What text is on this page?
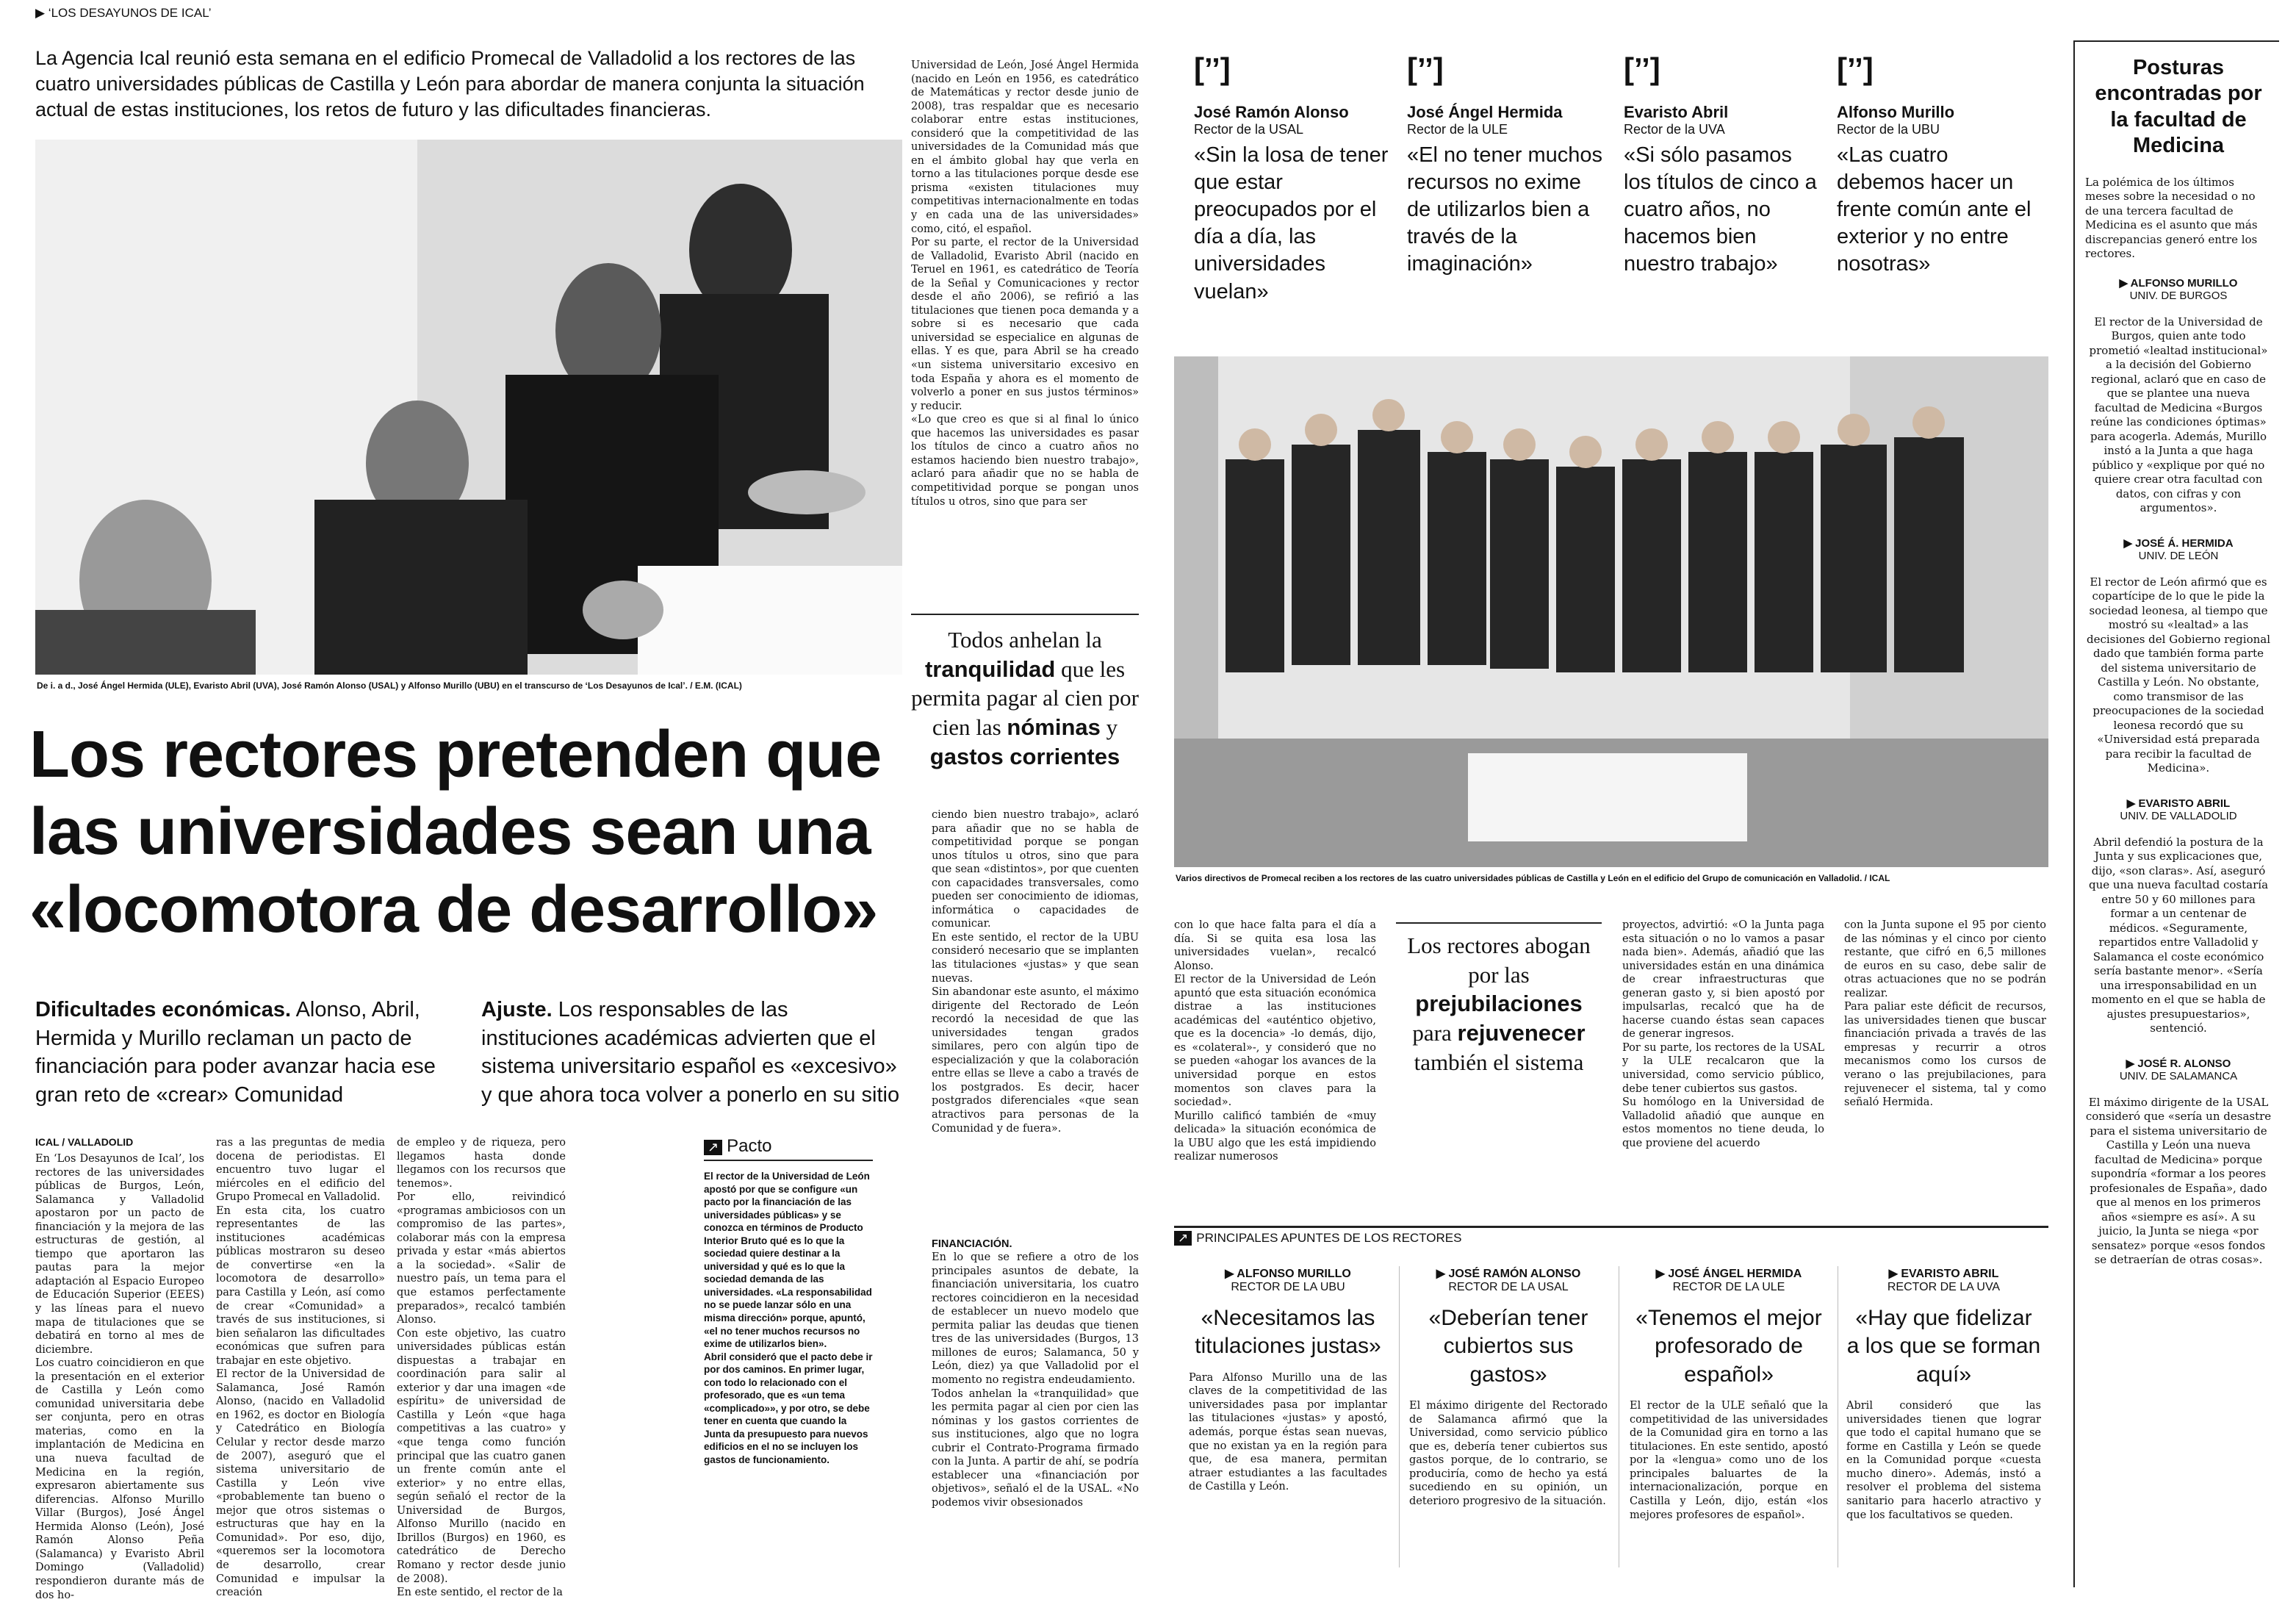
▶ ‘LOS DESAYUNOS DE ICAL’
La Agencia Ical reunió esta semana en el edificio Promecal de Valladolid a los rectores de las cuatro universidades públicas de Castilla y León para abordar de manera conjunta la situación actual de estas instituciones, los retos de futuro y las dificultades financieras.
De i. a d., José Ángel Hermida (ULE), Evaristo Abril (UVA), José Ramón Alonso (USAL) y Alfonso Murillo (UBU) en el transcurso de ‘Los Desayunos de Ical’. / E.M. (ICAL)
Los rectores pretenden que las universidades sean una «locomotora de desarrollo»
Dificultades económicas. Alonso, Abril, Hermida y Murillo reclaman un pacto de financiación para poder avanzar hacia ese gran reto de «crear» Comunidad
Ajuste. Los responsables de las instituciones académicas advierten que el sistema universitario español es «excesivo» y que ahora toca volver a ponerlo en su sitio
ICAL / VALLADOLID
En ‘Los Desayunos de Ical’, los rectores de las universidades públicas de Burgos, León, Salamanca y Valladolid apostaron por un pacto de financiación y la mejora de las estructuras de gestión, al tiempo que aportaron las pautas para la mejor adaptación al Espacio Europeo de Educación Superior (EEES) y las líneas para el nuevo mapa de titulaciones que se debatirá en torno al mes de diciembre.
Los cuatro coincidieron en que la presentación en el exterior de Castilla y León como comunidad universitaria debe ser conjunta, pero en otras materias, como en la implantación de Medicina en una nueva facultad de Medicina en la región, expresaron abiertamente sus diferencias. Alfonso Murillo Villar (Burgos), José Ángel Hermida Alonso (León), José Ramón Alonso Peña (Salamanca) y Evaristo Abril Domingo (Valladolid) respondieron durante más de dos ho-
ras a las preguntas de media docena de periodistas. El encuentro tuvo lugar el miércoles en el edificio del Grupo Promecal en Valladolid.
En esta cita, los cuatro representantes de las instituciones académicas públicas mostraron su deseo de convertirse «en la locomotora de desarrollo» para Castilla y León, así como de crear «Comunidad» a través de sus instituciones, si bien señalaron las dificultades económicas que sufren para trabajar en este objetivo.
El rector de la Universidad de Salamanca, José Ramón Alonso, (nacido en Valladolid en 1962, es doctor en Biología y Catedrático en Biología Celular y rector desde marzo de 2007), aseguró que el sistema universitario de Castilla y León vive «probablemente tan bueno o mejor que otros sistemas o estructuras que hay en la Comunidad». Por eso, dijo, «queremos ser la locomotora de desarrollo, crear Comunidad e impulsar la creación
de empleo y de riqueza, pero llegamos hasta donde llegamos con los recursos que tenemos».
Por ello, reivindicó «programas ambiciosos con un compromiso de las partes», colaborar más con la empresa privada y estar «más abiertos a la sociedad». «Salir de nuestro país, un tema para el que estamos perfectamente preparados», recalcó también Alonso.
Con este objetivo, las cuatro universidades públicas están dispuestas a trabajar en coordinación para salir al exterior y dar una imagen «de espíritu» de universidad de Castilla y León «que haga competitivas a las cuatro» y «que tenga como función principal que las cuatro ganen un frente común ante el exterior» y no entre ellas, según señaló el rector de la Universidad de Burgos, Alfonso Murillo (nacido en Ibrillos (Burgos) en 1960, es catedrático de Derecho Romano y rector desde junio de 2008).
En este sentido, el rector de la
↗ Pacto
El rector de la Universidad de León apostó por que se configure «un pacto por la financiación de las universidades públicas» y se conozca en términos de Producto Interior Bruto qué es lo que la sociedad quiere destinar a la universidad y qué es lo que la sociedad demanda de las universidades. «La responsabilidad no se puede lanzar sólo en una misma dirección» porque, apuntó, «el no tener muchos recursos no exime de utilizarlos bien».
Abril consideró que el pacto debe ir por dos caminos. En primer lugar, con todo lo relacionado con el profesorado, que es «un tema «complicado»», y por otro, se debe tener en cuenta que cuando la Junta da presupuesto para nuevos edificios en el no se incluyen los gastos de funcionamiento.
Universidad de León, José Ángel Hermida (nacido en León en 1956, es catedrático de Matemáticas y rector desde junio de 2008), tras respaldar que es necesario colaborar entre estas instituciones, consideró que la competitividad de las universidades de la Comunidad más que en el ámbito global hay que verla en torno a las titulaciones porque desde ese prisma «existen titulaciones muy competitivas internacionalmente en todas y en cada una de las universidades» como, citó, el español.
Por su parte, el rector de la Universidad de Valladolid, Evaristo Abril (nacido en Teruel en 1961, es catedrático de Teoría de la Señal y Comunicaciones y rector desde el año 2006), se refirió a las titulaciones que tienen poca demanda y a sobre si es necesario que cada universidad se especialice en algunas de ellas. Y es que, para Abril se ha creado «un sistema universitario excesivo en toda España y ahora es el momento de volverlo a poner en sus justos términos» y reducir.
«Lo que creo es que si al final lo único que hacemos las universidades es pasar los títulos de cinco a cuatro años no estamos haciendo bien nuestro trabajo», aclaró para añadir que no se habla de competitividad porque se pongan unos títulos u otros, sino que para ser
Todos anhelan la tranquilidad que les permita pagar al cien por cien las nóminas y gastos corrientes
ciendo bien nuestro trabajo», aclaró para añadir que no se habla de competitividad porque se pongan unos títulos u otros, sino que para que sean «distintos», por que cuenten con capacidades transversales, como pueden ser conocimiento de idiomas, informática o capacidades de comunicar.
En este sentido, el rector de la UBU consideró necesario que se implanten las titulaciones «justas» y que sean nuevas.
Sin abandonar este asunto, el máximo dirigente del Rectorado de León recordó la necesidad de que las universidades tengan grados similares, pero con algún tipo de especialización y que la colaboración entre ellas se lleve a cabo a través de los postgrados. Es decir, hacer postgrados diferenciales «que sean atractivos para personas de la Comunidad y de fuera».

FINANCIACIÓN.
En lo que se refiere a otro de los principales asuntos de debate, la financiación universitaria, los cuatro rectores coincidieron en la necesidad de establecer un nuevo modelo que permita paliar las deudas que tienen tres de las universidades (Burgos, 13 millones de euros; Salamanca, 50 y León, diez) ya que Valladolid por el momento no registra endeudamiento.
Todos anhelan la «tranquilidad» que les permita pagar al cien por cien las nóminas y los gastos corrientes de sus instituciones, algo que no logra cubrir el Contrato-Programa firmado con la Junta. A partir de ahí, se podría establecer una «financiación por objetivos», señaló el de la USAL. «No podemos vivir obsesionados

[’’]
José Ramón Alonso
Rector de la USAL
«Sin la losa de tener que estar preocupados por el día a día, las universidades vuelan»
[’’]
José Ángel Hermida
Rector de la ULE
«El no tener muchos recursos no exime de utilizarlos bien a través de la imaginación»
[’’]
Evaristo Abril
Rector de la UVA
«Si sólo pasamos los títulos de cinco a cuatro años, no hacemos bien nuestro trabajo»
[’’]
Alfonso Murillo
Rector de la UBU
«Las cuatro debemos hacer un frente común ante el exterior y no entre nosotras»
Varios directivos de Promecal reciben a los rectores de las cuatro universidades públicas de Castilla y León en el edificio del Grupo de comunicación en Valladolid. / ICAL
con lo que hace falta para el día a día. Si se quita esa losa las universidades vuelan», recalcó Alonso.
El rector de la Universidad de León apuntó que esta situación económica distrae a las instituciones académicas del «auténtico objetivo, que es la docencia» -lo demás, dijo, es «colateral»-, y consideró que no se pueden «ahogar los avances de la universidad porque en estos momentos son claves para la sociedad».
Murillo calificó también de «muy delicada» la situación económica de la UBU algo que les está impidiendo realizar numerosos
Los rectores abogan por las prejubilaciones para rejuvenecer también el sistema
proyectos, advirtió: «O la Junta paga esta situación o no lo vamos a pasar nada bien». Además, añadió que las universidades están en una dinámica de crear infraestructuras que generan gasto y, si bien apostó por impulsarlas, recalcó que ha de hacerse cuando éstas sean capaces de generar ingresos.
Por su parte, los rectores de la USAL y la ULE recalcaron que la universidad, como servicio público, debe tener cubiertos sus gastos.
Su homólogo en la Universidad de Valladolid añadió que aunque en estos momentos no tiene deuda, lo que proviene del acuerdo
con la Junta supone el 95 por ciento de las nóminas y el cinco por ciento restante, que cifró en 6,5 millones de euros en su caso, debe salir de otras actuaciones que no se podrán realizar.
Para paliar este déficit de recursos, las universidades tienen que buscar financiación privada a través de las empresas y recurrir a otros mecanismos como los cursos de verano o las prejubilaciones, para rejuvenecer el sistema, tal y como señaló Hermida.
↗ PRINCIPALES APUNTES DE LOS RECTORES
▶ ALFONSO MURILLO
RECTOR DE LA UBU
«Necesitamos las titulaciones justas»
Para Alfonso Murillo una de las claves de la competitividad de las universidades pasa por implantar las titulaciones «justas» y apostó, además, porque éstas sean nuevas, que no existan ya en la región para que, de esa manera, permitan atraer estudiantes a las facultades de Castilla y León.
▶ JOSÉ RAMÓN ALONSO
RECTOR DE LA USAL
«Deberían tener cubiertos sus gastos»
El máximo dirigente del Rectorado de Salamanca afirmó que la Universidad, como servicio público que es, debería tener cubiertos sus gastos porque, de lo contrario, se produciría, como de hecho ya está sucediendo en su opinión, un deterioro progresivo de la situación.
▶ JOSÉ ÁNGEL HERMIDA
RECTOR DE LA ULE
«Tenemos el mejor profesorado de español»
El rector de la ULE señaló que la competitividad de las universidades de la Comunidad gira en torno a las titulaciones. En este sentido, apostó por la «lengua» como uno de los principales baluartes de la internacionalización, porque en Castilla y León, dijo, están «los mejores profesores de español».
▶ EVARISTO ABRIL
RECTOR DE LA UVA
«Hay que fidelizar a los que se forman aquí»
Abril consideró que las universidades tienen que lograr que todo el capital humano que se forme en Castilla y León se quede en la Comunidad porque «cuesta mucho dinero». Además, instó a resolver el problema del sistema sanitario para hacerlo atractivo y que los facultativos se queden.
Posturas encontradas por la facultad de Medicina
La polémica de los últimos meses sobre la necesidad o no de una tercera facultad de Medicina es el asunto que más discrepancias generó entre los rectores.
▶ ALFONSO MURILLO
UNIV. DE BURGOS
El rector de la Universidad de Burgos, quien ante todo prometió «lealtad institucional» a la decisión del Gobierno regional, aclaró que en caso de que se plantee una nueva facultad de Medicina «Burgos reúne las condiciones óptimas» para acogerla. Además, Murillo instó a la Junta a que haga público y «explique por qué no quiere crear otra facultad con datos, con cifras y con argumentos».
▶ JOSÉ Á. HERMIDA
UNIV. DE LEÓN
El rector de León afirmó que es copartícipe de lo que le pide la sociedad leonesa, al tiempo que mostró su «lealtad» a las decisiones del Gobierno regional dado que también forma parte del sistema universitario de Castilla y León. No obstante, como transmisor de las preocupaciones de la sociedad leonesa recordó que su «Universidad está preparada para recibir la facultad de Medicina».
▶ EVARISTO ABRIL
UNIV. DE VALLADOLID
Abril defendió la postura de la Junta y sus explicaciones que, dijo, «son claras». Así, aseguró que una nueva facultad costaría entre 50 y 60 millones para formar a un centenar de médicos. «Seguramente, repartidos entre Valladolid y Salamanca el coste económico sería bastante menor». «Sería una irresponsabilidad en un momento en el que se habla de ajustes presupuestarios», sentenció.
▶ JOSÉ R. ALONSO
UNIV. DE SALAMANCA
El máximo dirigente de la USAL consideró que «sería un desastre para el sistema universitario de Castilla y León una nueva facultad de Medicina» porque supondría «formar a los peores profesionales de España», dado que al menos en los primeros años «siempre es así». A su juicio, la Junta se niega «por sensatez» porque «esos fondos se detraerían de otras cosas».
